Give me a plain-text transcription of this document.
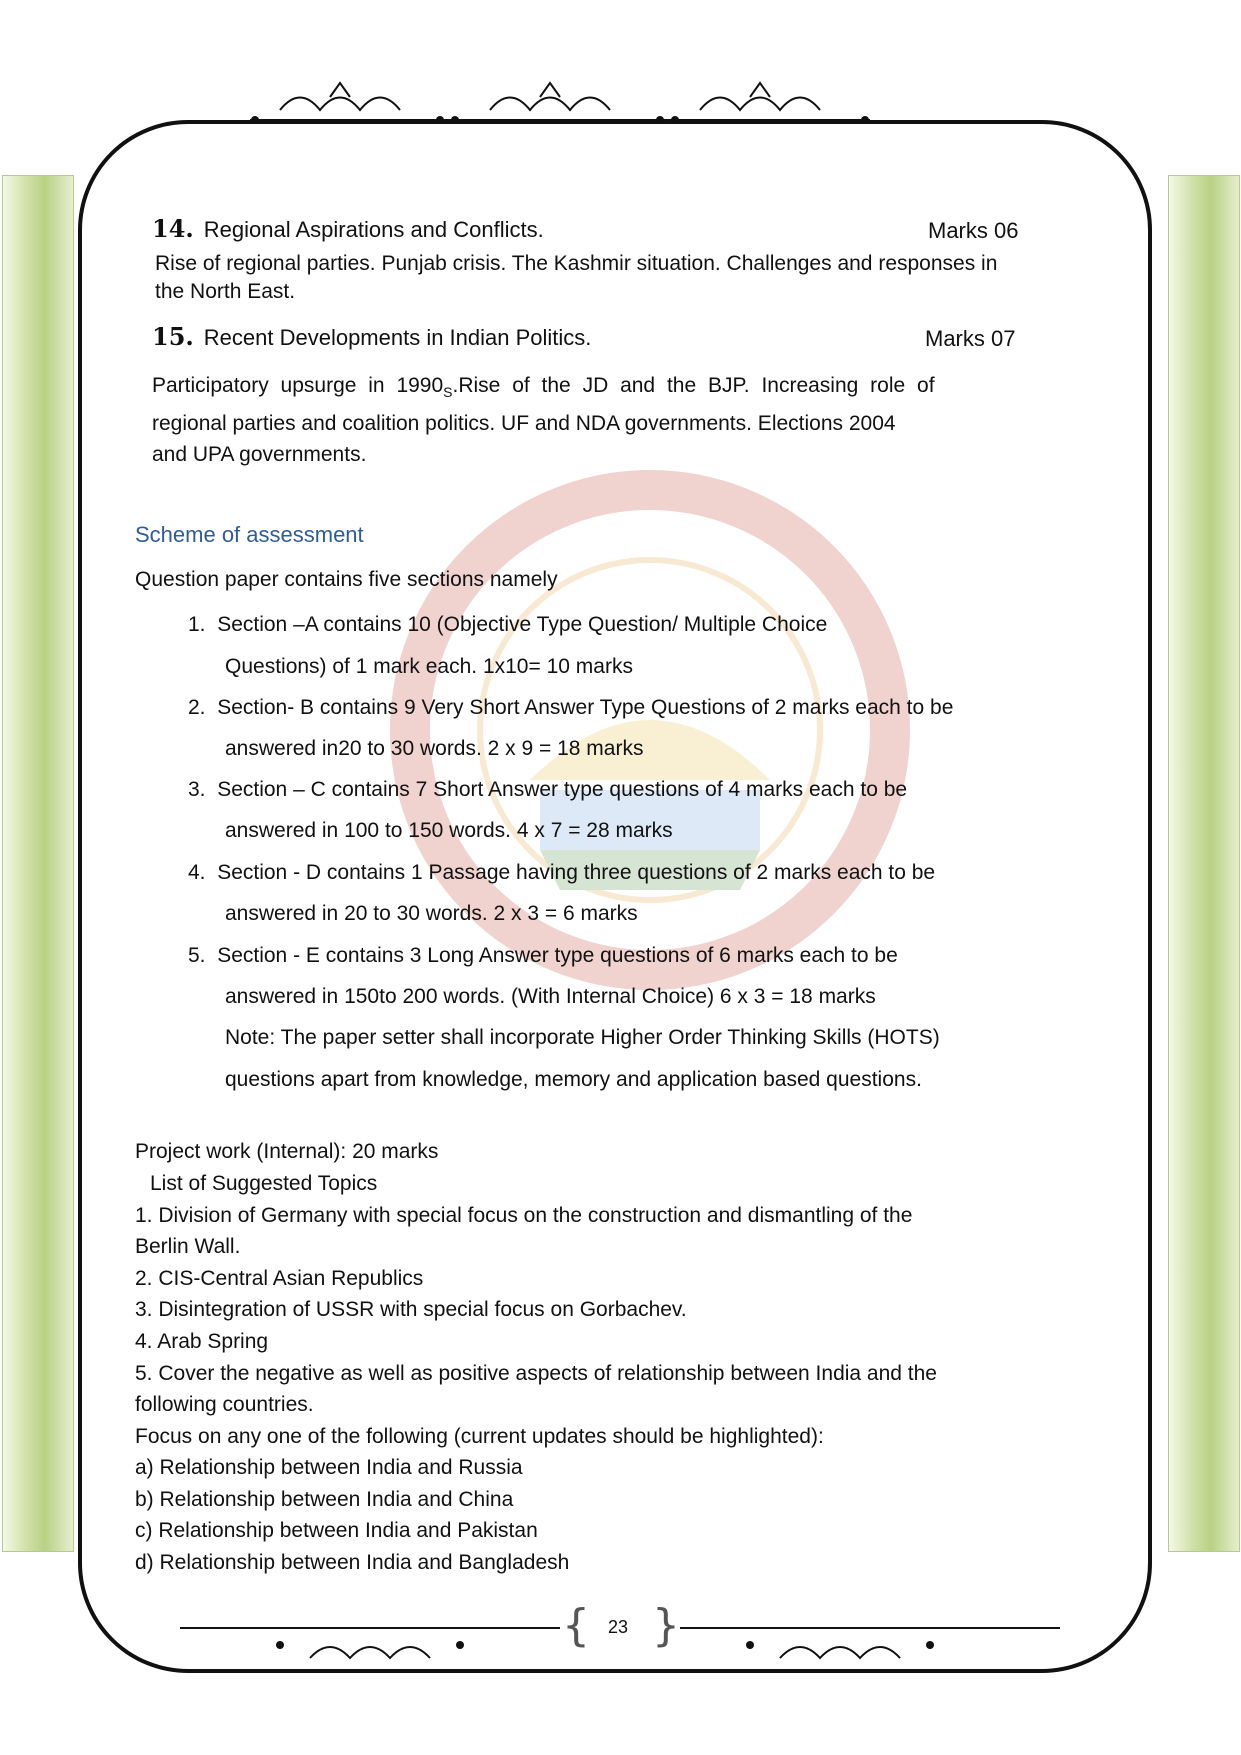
14. Regional Aspirations and Conflicts.	Marks 06
Rise of regional parties. Punjab crisis. The Kashmir situation. Challenges and responses in
the North East.
15. Recent Developments in Indian Politics.	Marks 07
Participatory upsurge in $1990_S.Rise$ of the JD and the BJP. Increasing role of
regional parties and coalition politics. UF and NDA governments. Elections 2004
and UPA governments.
Scheme of assessment
Question paper contains five sections namely
1. Section –A contains 10 (Objective Type Question/ Multiple Choice
Questions) of 1 mark each. 1x10= 10 marks
2. Section- B contains 9 Very Short Answer Type Questions of 2 marks each to be
answered in20 to 30 words. 2 x 9 = 18 marks
3. Section – C contains 7 Short Answer type questions of 4 marks each to be
answered in 100 to 150 words. 4 x 7 = 28 marks
4. Section - D contains 1 Passage having three questions of 2 marks each to be
answered in 20 to 30 words. 2 x 3 = 6 marks
5. Section - E contains 3 Long Answer type questions of 6 marks each to be
answered in 150to 200 words. (With Internal Choice) 6 x 3 = 18 marks
Note: The paper setter shall incorporate Higher Order Thinking Skills (HOTS)
questions apart from knowledge, memory and application based questions.
Project work (Internal): 20 marks
List of Suggested Topics
1. Division of Germany with special focus on the construction and dismantling of the
Berlin Wall.
2. CIS-Central Asian Republics
3. Disintegration of USSR with special focus on Gorbachev.
4. Arab Spring
5. Cover the negative as well as positive aspects of relationship between India and the
following countries.
Focus on any one of the following (current updates should be highlighted):
a) Relationship between India and Russia
b) Relationship between India and China
c) Relationship between India and Pakistan
d) Relationship between India and Bangladesh
{ 23 }
